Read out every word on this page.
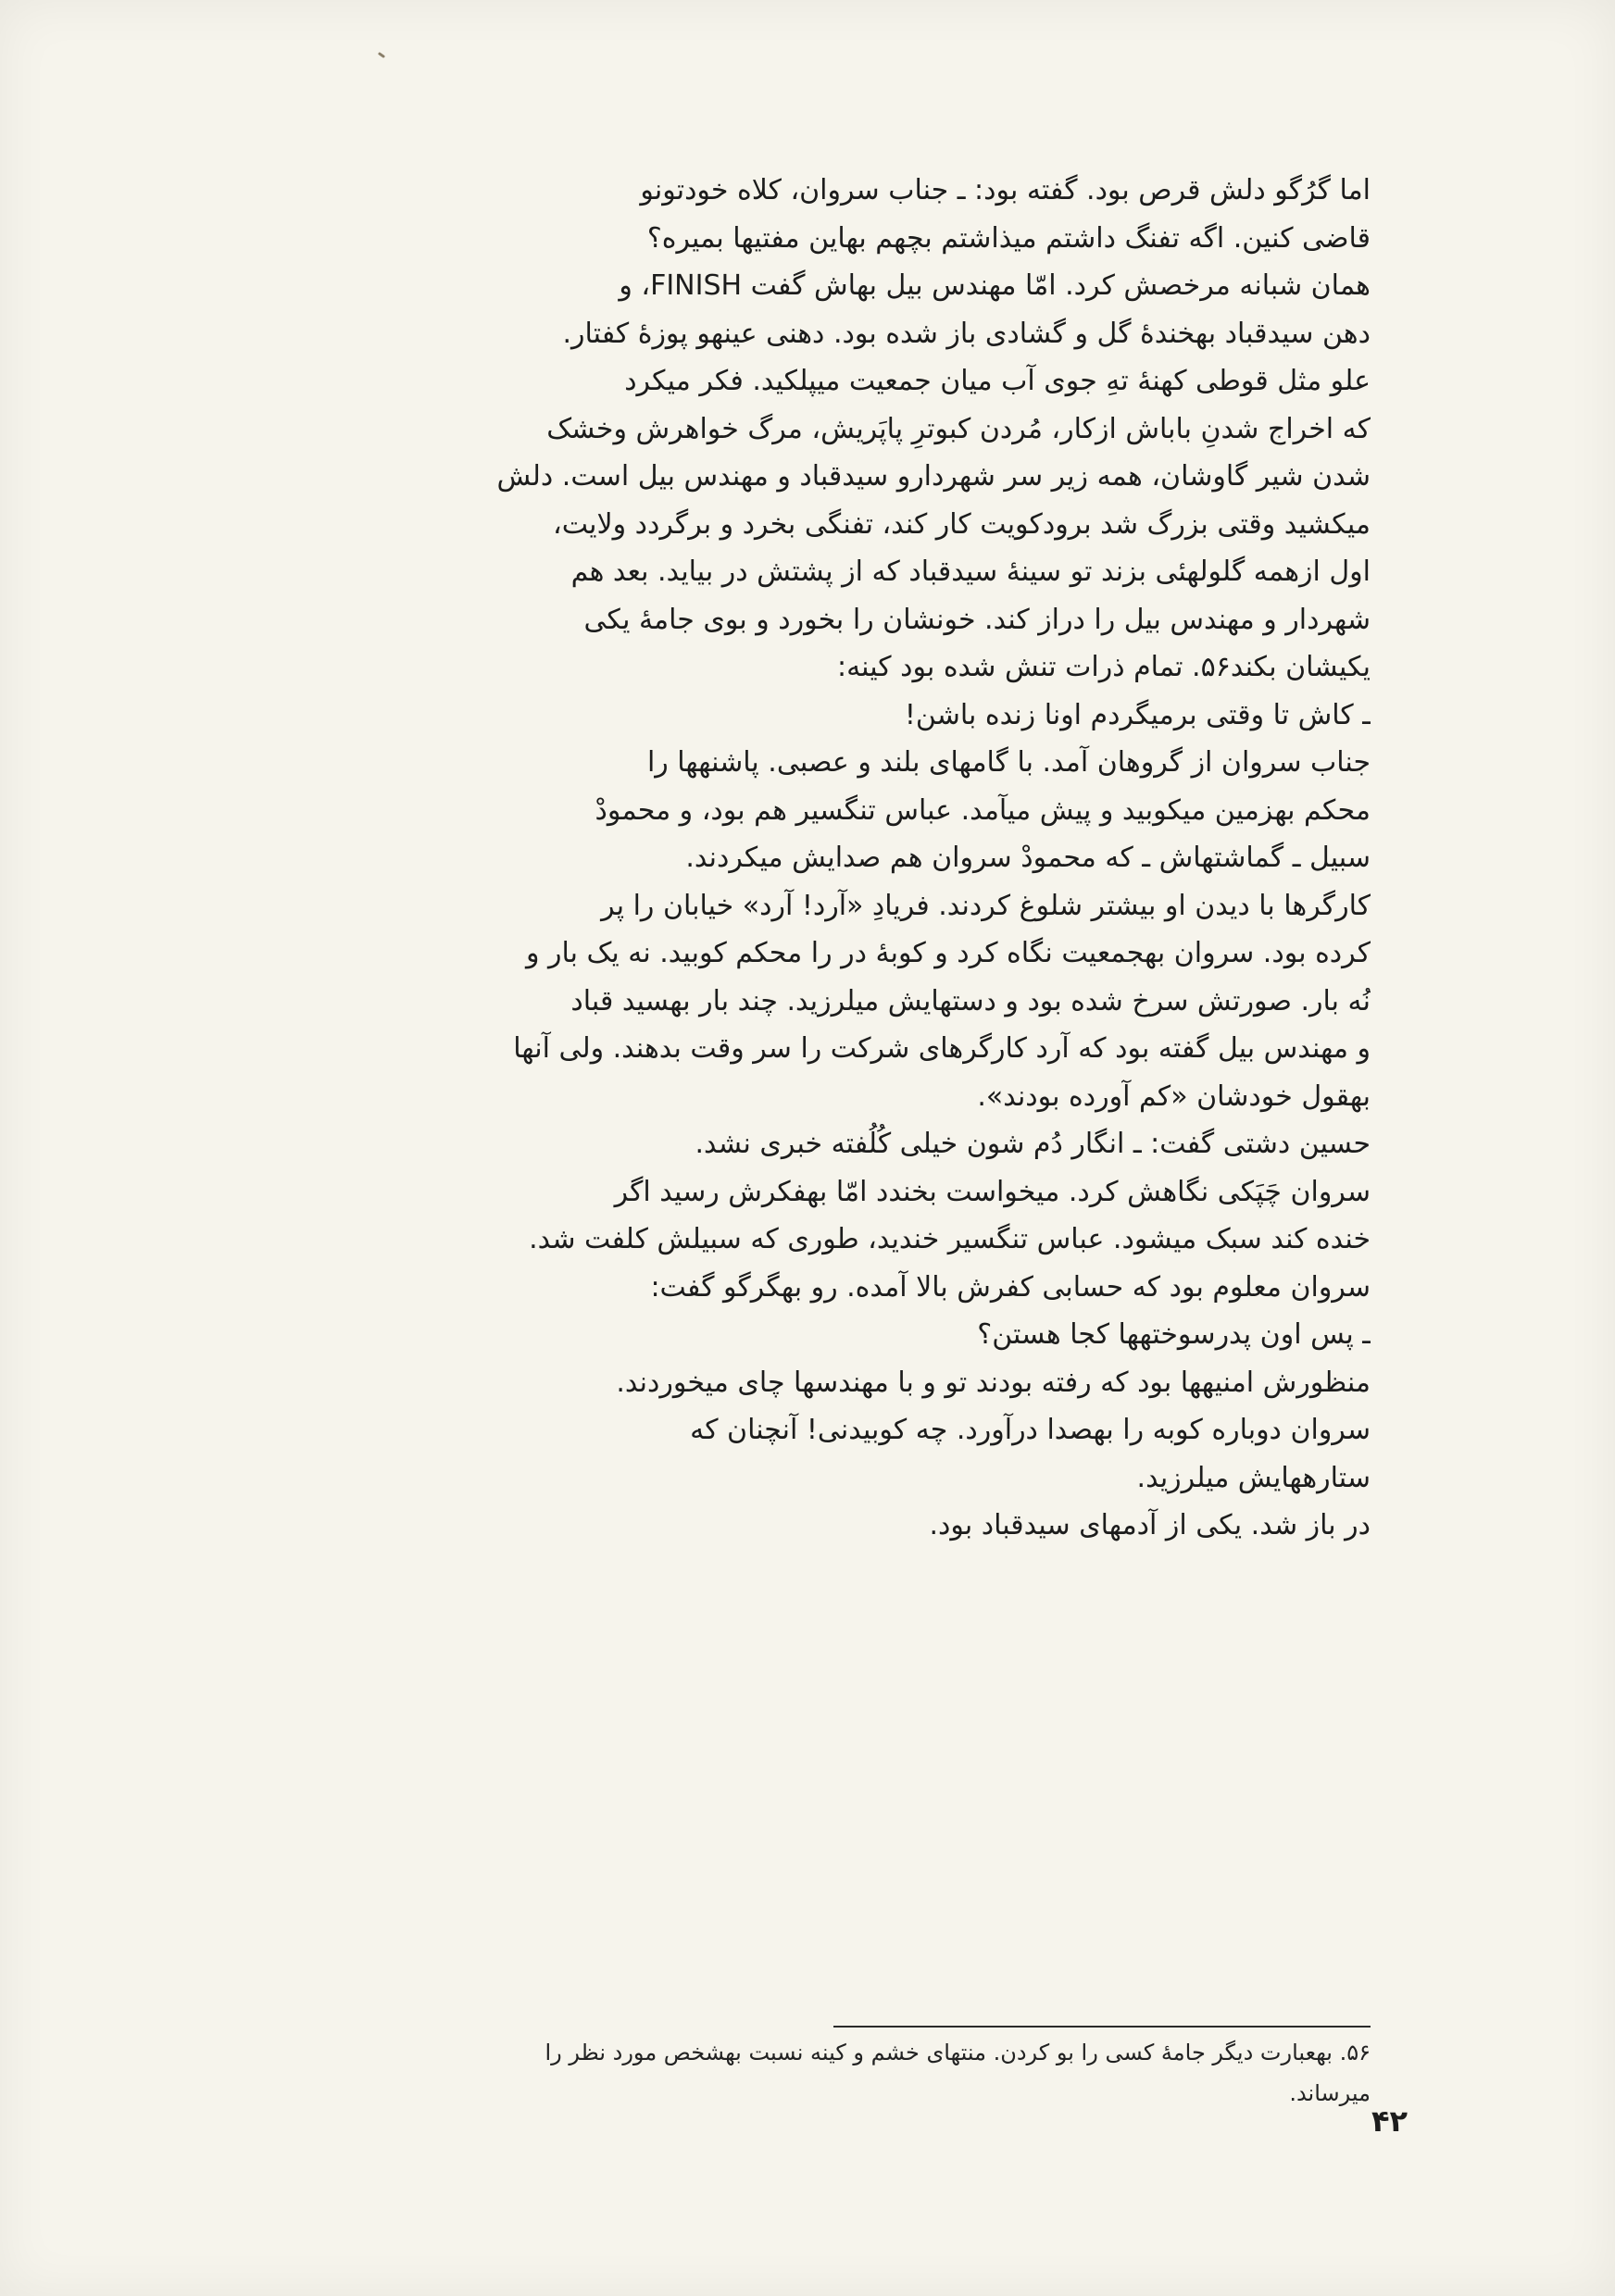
اما گرُگو دلش قرص بود. گفته بود: ـ جناب سروان، کلاه خودتونو
قاضی کنین. اگه تفنگ داشتم میذاشتم بچهم بهاین مفتیها بمیره؟
همان شبانه مرخصش کرد. امّا مهندس بیل بهاش گفت FINISH، و
دهن سیدقباد بهخندهٔ گل و گشادی باز شده بود. دهنی عینهو پوزهٔ کفتار.
علو مثل قوطی کهنهٔ تهِ جوی آب میان جمعیت میپلکید. فکر میکرد
که اخراج شدنِ باباش ازکار، مُردن کبوترِ پاپَریش، مرگ خواهرش وخشک
شدن شیر گاوشان، همه زیر سر شهردارو سیدقباد و مهندس بیل است. دلش
میکشید وقتی بزرگ شد برودکویت کار کند، تفنگی بخرد و برگردد ولایت،
اول ازهمه گلولهئی بزند تو سینهٔ سیدقباد که از پشتش در بیاید. بعد هم
شهردار و مهندس بیل را دراز کند. خونشان را بخورد و بوی جامهٔ یکی
یکیشان بکند۵۶. تمام ذرات تنش شده بود کینه:
ـ کاش تا وقتی برمیگردم اونا زنده باشن!
جناب سروان از گروهان آمد. با گامهای بلند و عصبی. پاشنهها را
محکم بهزمین میکوبید و پیش میآمد. عباس تنگسیر هم بود، و محمودْ
سبیل ـ گماشتهاش ـ که محمودْ سروان هم صدایش میکردند.
کارگرها با دیدن او بیشتر شلوغ کردند. فریادِ «آرد! آرد» خیابان را پر
کرده بود. سروان بهجمعیت نگاه کرد و کوبهٔ در را محکم کوبید. نه یک بار و
نُه بار. صورتش سرخ شده بود و دستهایش میلرزید. چند بار بهسید قباد
و مهندس بیل گفته بود که آرد کارگرهای شرکت را سر وقت بدهند. ولی آنها
بهقول خودشان «کم آورده بودند».
حسین دشتی گفت: ـ انگار دُم شون خیلی کُلُفته خبری نشد.
سروان چَپَکی نگاهش کرد. میخواست بخندد امّا بهفکرش رسید اگر
خنده کند سبک میشود. عباس تنگسیر خندید، طوری که سبیلش کلفت شد.
سروان معلوم بود که حسابی کفرش بالا آمده. رو بهگرگو گفت:
ـ پس اون پدرسوختهها کجا هستن؟
منظورش امنیهها بود که رفته بودند تو و با مهندسها چای میخوردند.
سروان دوباره کوبه را بهصدا درآورد. چه کوبیدنی! آنچنان که
ستارههایش میلرزید.
در باز شد. یکی از آدمهای سیدقباد بود.
۵۶. بهعبارت دیگر جامهٔ کسی را بو کردن. منتهای خشم و کینه نسبت بهشخص مورد نظر را
میرساند.
۴۲
